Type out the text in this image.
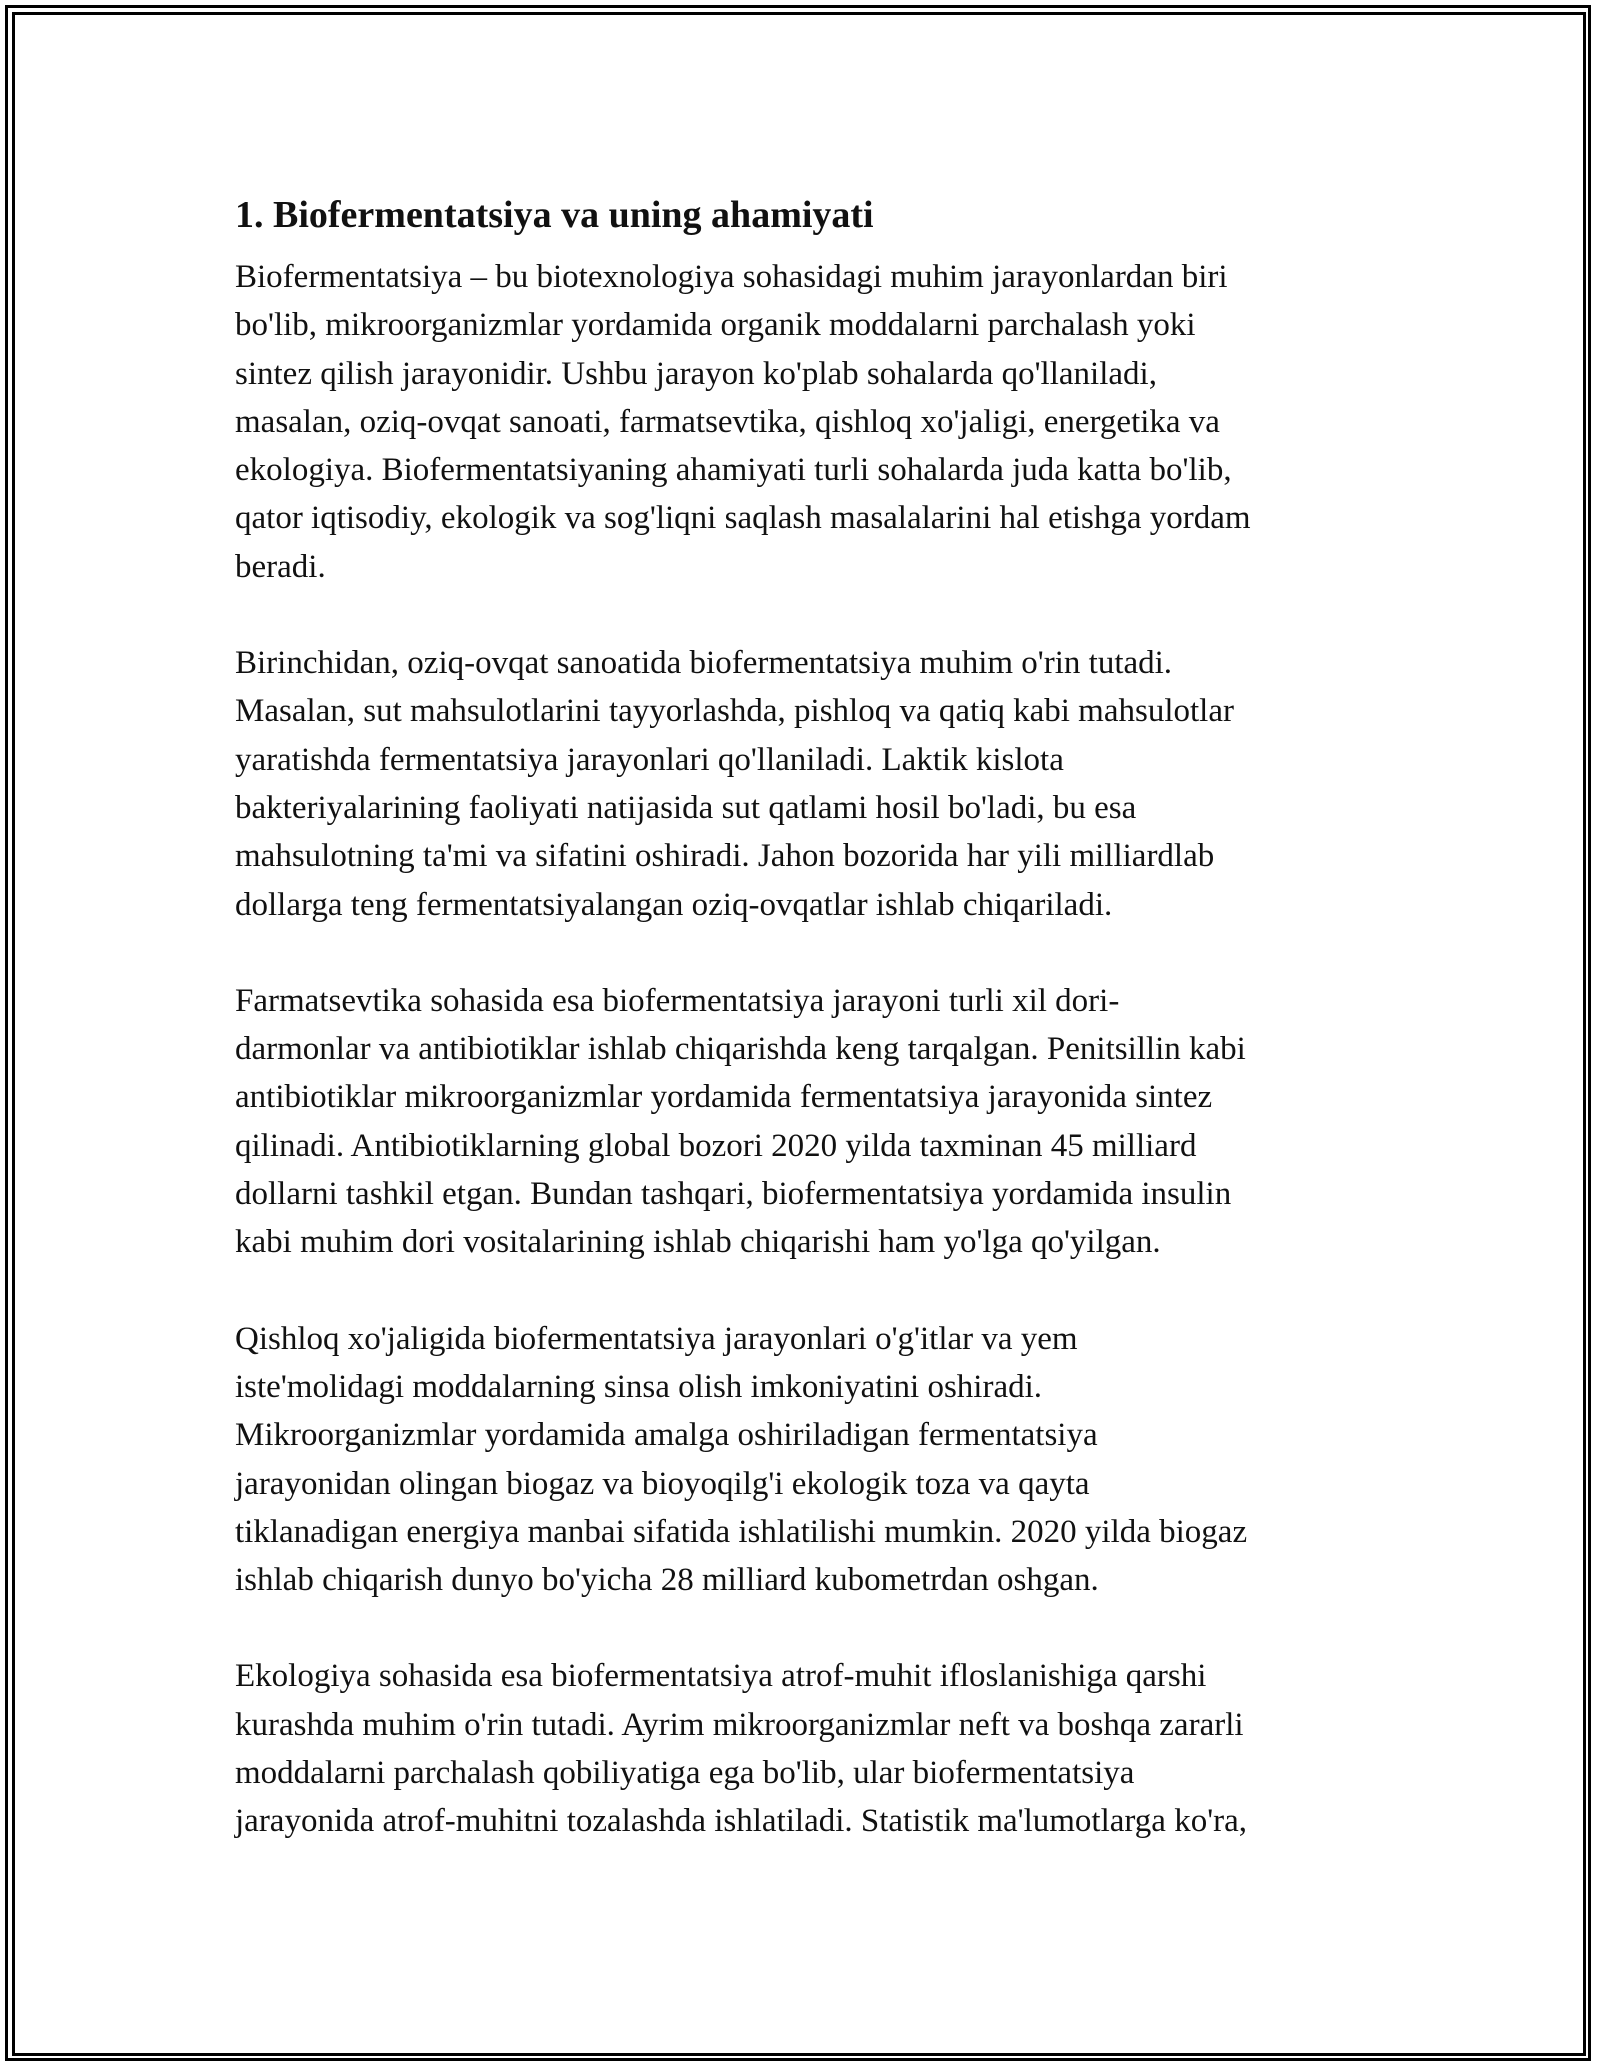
1. Biofermentatsiya va uning ahamiyati
Biofermentatsiya – bu biotexnologiya sohasidagi muhim jarayonlardan biri
bo'lib, mikroorganizmlar yordamida organik moddalarni parchalash yoki
sintez qilish jarayonidir. Ushbu jarayon ko'plab sohalarda qo'llaniladi,
masalan, oziq-ovqat sanoati, farmatsevtika, qishloq xo'jaligi, energetika va
ekologiya. Biofermentatsiyaning ahamiyati turli sohalarda juda katta bo'lib,
qator iqtisodiy, ekologik va sog'liqni saqlash masalalarini hal etishga yordam
beradi.
Birinchidan, oziq-ovqat sanoatida biofermentatsiya muhim o'rin tutadi.
Masalan, sut mahsulotlarini tayyorlashda, pishloq va qatiq kabi mahsulotlar
yaratishda fermentatsiya jarayonlari qo'llaniladi. Laktik kislota
bakteriyalarining faoliyati natijasida sut qatlami hosil bo'ladi, bu esa
mahsulotning ta'mi va sifatini oshiradi. Jahon bozorida har yili milliardlab
dollarga teng fermentatsiyalangan oziq-ovqatlar ishlab chiqariladi.
Farmatsevtika sohasida esa biofermentatsiya jarayoni turli xil dori-
darmonlar va antibiotiklar ishlab chiqarishda keng tarqalgan. Penitsillin kabi
antibiotiklar mikroorganizmlar yordamida fermentatsiya jarayonida sintez
qilinadi. Antibiotiklarning global bozori 2020 yilda taxminan 45 milliard
dollarni tashkil etgan. Bundan tashqari, biofermentatsiya yordamida insulin
kabi muhim dori vositalarining ishlab chiqarishi ham yo'lga qo'yilgan.
Qishloq xo'jaligida biofermentatsiya jarayonlari o'g'itlar va yem
iste'molidagi moddalarning sinsa olish imkoniyatini oshiradi.
Mikroorganizmlar yordamida amalga oshiriladigan fermentatsiya
jarayonidan olingan biogaz va bioyoqilg'i ekologik toza va qayta
tiklanadigan energiya manbai sifatida ishlatilishi mumkin. 2020 yilda biogaz
ishlab chiqarish dunyo bo'yicha 28 milliard kubometrdan oshgan.
Ekologiya sohasida esa biofermentatsiya atrof-muhit ifloslanishiga qarshi
kurashda muhim o'rin tutadi. Ayrim mikroorganizmlar neft va boshqa zararli
moddalarni parchalash qobiliyatiga ega bo'lib, ular biofermentatsiya
jarayonida atrof-muhitni tozalashda ishlatiladi. Statistik ma'lumotlarga ko'ra,
